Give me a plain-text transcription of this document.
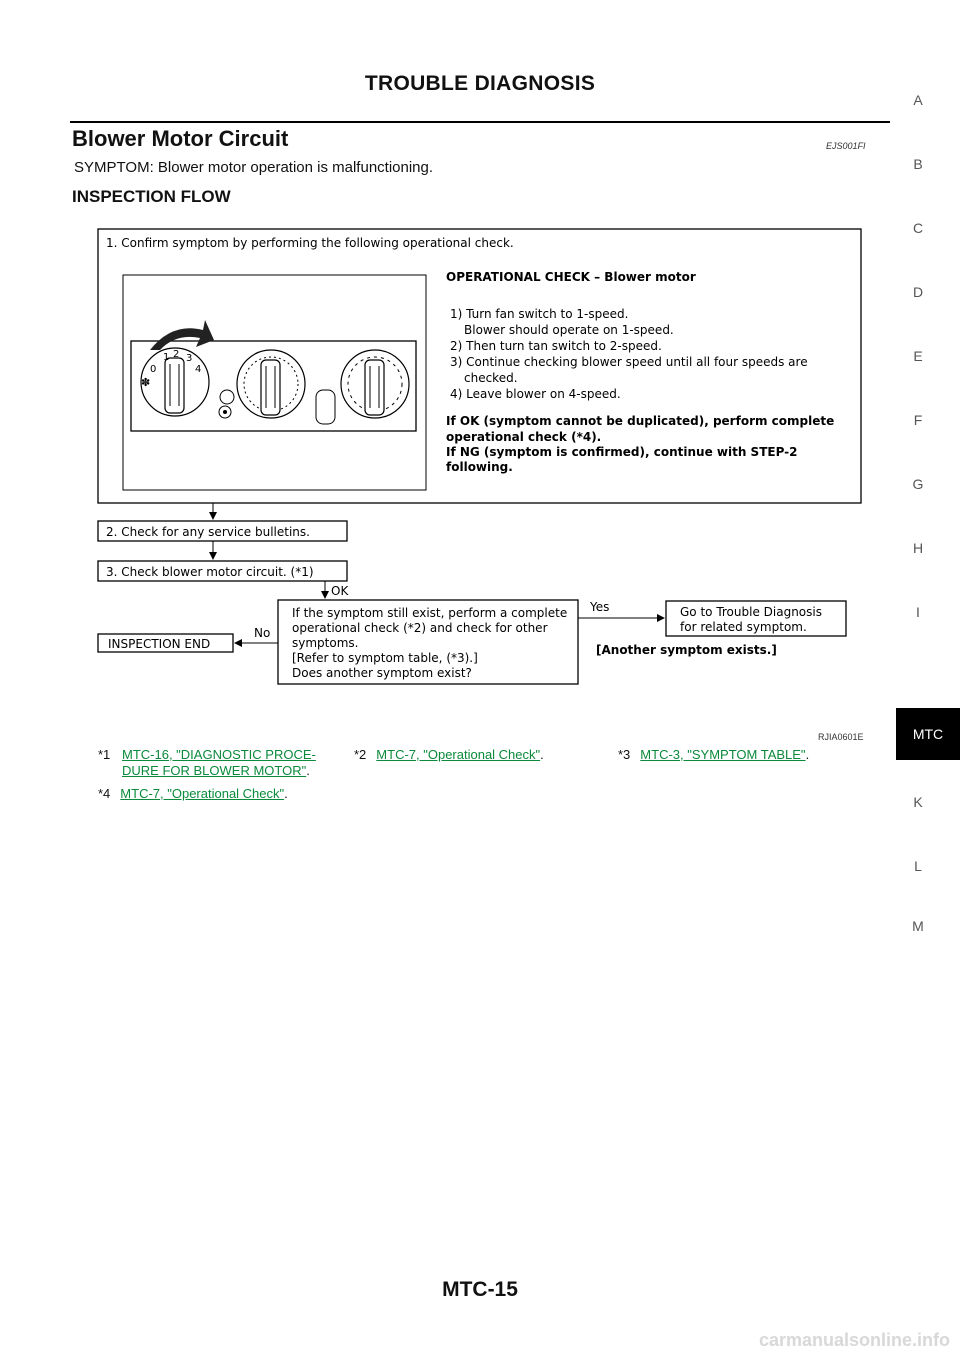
TROUBLE DIAGNOSIS
Blower Motor Circuit	EJS001FI
SYMPTOM: Blower motor operation is malfunctioning.
INSPECTION FLOW
1. Confirm symptom by performing the following operational check.
0
1 2 3
4
✽
OPERATIONAL CHECK – Blower motor
1) Turn fan switch to 1-speed.
Blower should operate on 1-speed.
2) Then turn tan switch to 2-speed.
3) Continue checking blower speed until all four speeds are
checked.
4) Leave blower on 4-speed.
If OK (symptom cannot be duplicated), perform complete
operational check (*4).
If NG (symptom is confirmed), continue with STEP-2
following.
2. Check for any service bulletins.
3. Check blower motor circuit. (*1)
OK
If the symptom still exist, perform a complete
operational check (*2) and check for other
symptoms.
[Refer to symptom table, (*3).]
Does another symptom exist?
Yes	Go to Trouble Diagnosis
for related symptom.
[Another symptom exists.]
No
INSPECTION END
RJIA0601E
*1 MTC-16, "DIAGNOSTIC PROCE-DURE FOR BLOWER MOTOR".
*2 MTC-7, "Operational Check".	*3 MTC-3, "SYMPTOM TABLE".
*4 MTC-7, "Operational Check".
A
B
C
D
E
F
G
H
I
MTC
K
L
M
MTC-15
carmanualsonline.info
